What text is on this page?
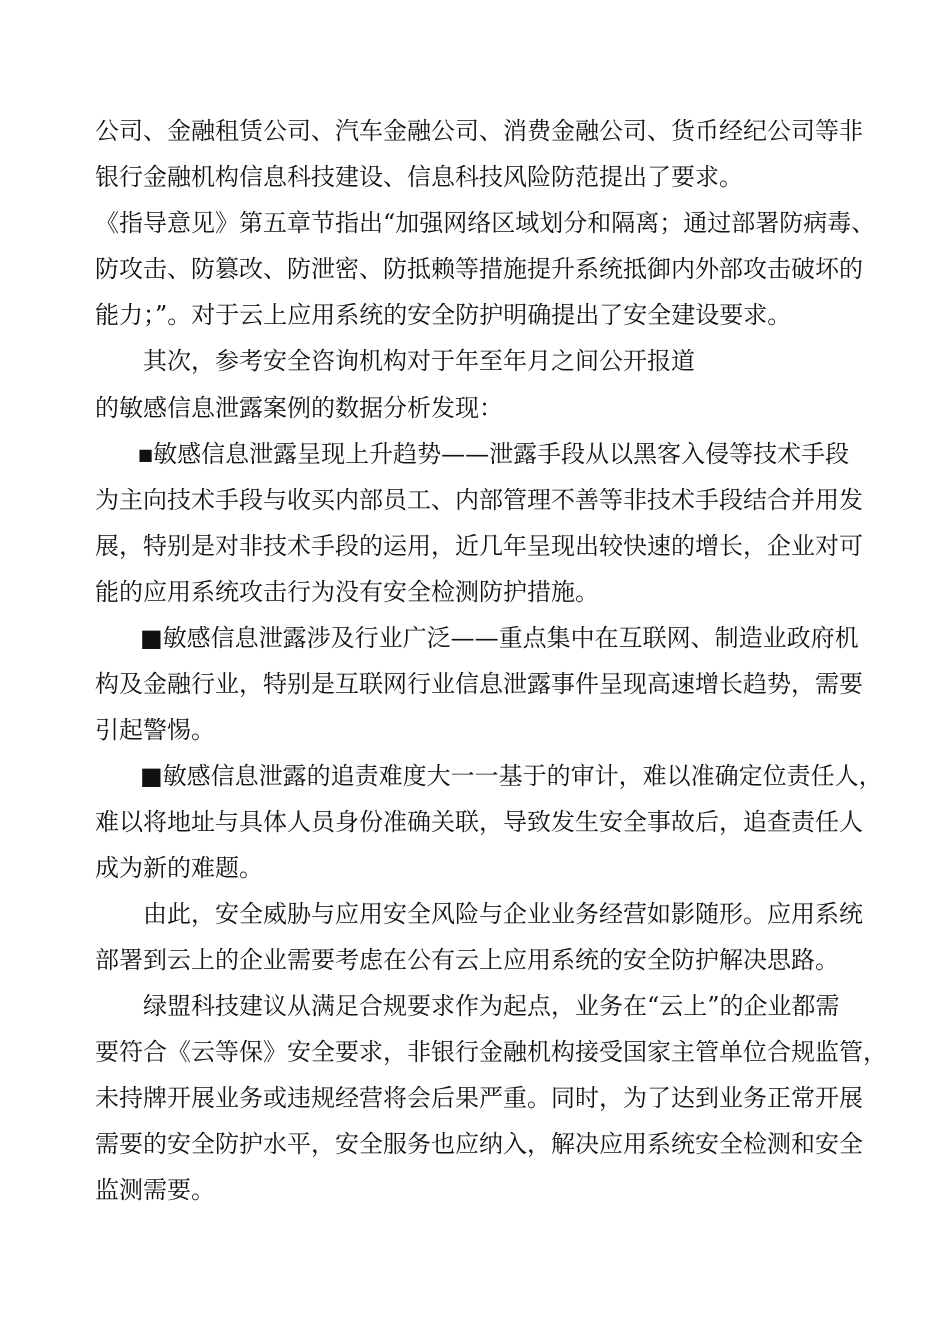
公司、金融租赁公司、汽车金融公司、消费金融公司、货币经纪公司等非
银行金融机构信息科技建设、信息科技风险防范提出了要求。
《指导意见》第五章节指出“加强网络区域划分和隔离；通过部署防病毒、
防攻击、防篡改、防泄密、防抵赖等措施提升系统抵御内外部攻击破坏的
能力；”。对于云上应用系统的安全防护明确提出了安全建设要求。
其次，参考安全咨询机构对于年至年月之间公开报道
的敏感信息泄露案例的数据分析发现：
■敏感信息泄露呈现上升趋势——泄露手段从以黑客入侵等技术手段
为主向技术手段与收买内部员工、内部管理不善等非技术手段结合并用发
展，特别是对非技术手段的运用，近几年呈现出较快速的增长，企业对可
能的应用系统攻击行为没有安全检测防护措施。
■敏感信息泄露涉及行业广泛——重点集中在互联网、制造业政府机
构及金融行业，特别是互联网行业信息泄露事件呈现高速增长趋势，需要
引起警惕。
■敏感信息泄露的追责难度大一一基于的审计，难以准确定位责任人，
难以将地址与具体人员身份准确关联，导致发生安全事故后，追查责任人
成为新的难题。
由此，安全威胁与应用安全风险与企业业务经营如影随形。应用系统
部署到云上的企业需要考虑在公有云上应用系统的安全防护解决思路。
绿盟科技建议从满足合规要求作为起点，业务在“云上”的企业都需
要符合《云等保》安全要求，非银行金融机构接受国家主管单位合规监管，
未持牌开展业务或违规经营将会后果严重。同时，为了达到业务正常开展
需要的安全防护水平，安全服务也应纳入，解决应用系统安全检测和安全
监测需要。
